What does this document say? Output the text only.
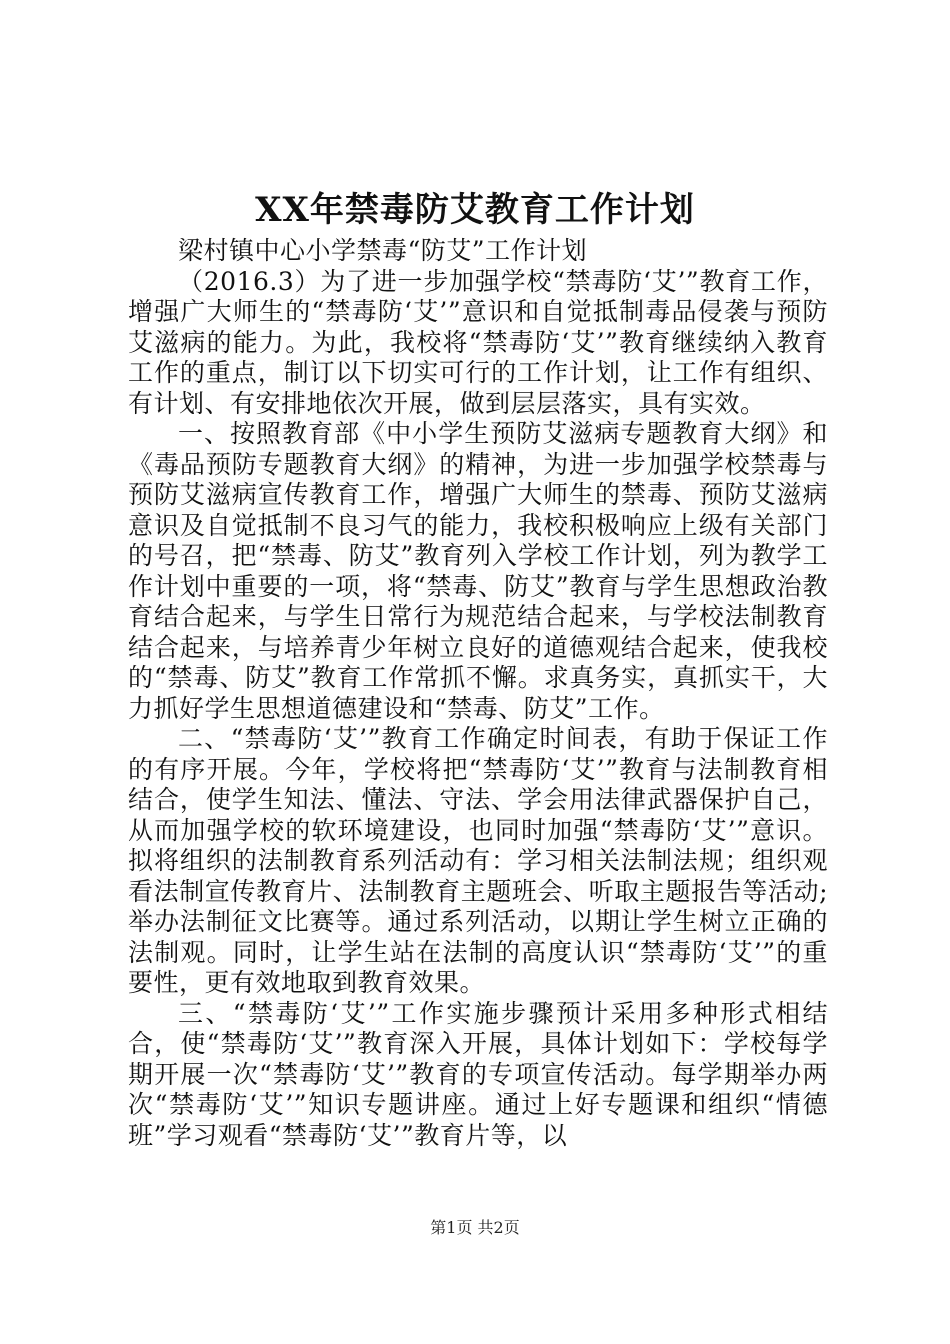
XX年禁毒防艾教育工作计划

梁村镇中心小学禁毒“防艾”工作计划

（2016.3）为了进一步加强学校“禁毒防‘艾’”教育工作，增强广大师生的“禁毒防‘艾’”意识和自觉抵制毒品侵袭与预防艾滋病的能力。为此，我校将“禁毒防‘艾’”教育继续纳入教育工作的重点，制订以下切实可行的工作计划，让工作有组织、有计划、有安排地依次开展，做到层层落实，具有实效。

一、按照教育部《中小学生预防艾滋病专题教育大纲》和《毒品预防专题教育大纲》的精神，为进一步加强学校禁毒与预防艾滋病宣传教育工作，增强广大师生的禁毒、预防艾滋病意识及自觉抵制不良习气的能力，我校积极响应上级有关部门的号召，把“禁毒、防艾”教育列入学校工作计划，列为教学工作计划中重要的一项，将“禁毒、防艾”教育与学生思想政治教育结合起来，与学生日常行为规范结合起来，与学校法制教育结合起来，与培养青少年树立良好的道德观结合起来，使我校的“禁毒、防艾”教育工作常抓不懈。求真务实，真抓实干，大力抓好学生思想道德建设和“禁毒、防艾”工作。

二、“禁毒防‘艾’”教育工作确定时间表，有助于保证工作的有序开展。今年，学校将把“禁毒防‘艾’”教育与法制教育相结合，使学生知法、懂法、守法、学会用法律武器保护自己，从而加强学校的软环境建设，也同时加强“禁毒防‘艾’”意识。拟将组织的法制教育系列活动有：学习相关法制法规；组织观看法制宣传教育片、法制教育主题班会、听取主题报告等活动;举办法制征文比赛等。通过系列活动，以期让学生树立正确的法制观。同时，让学生站在法制的高度认识“禁毒防‘艾’”的重要性，更有效地取到教育效果。

三、“禁毒防‘艾’”工作实施步骤预计采用多种形式相结合，使“禁毒防‘艾’”教育深入开展，具体计划如下：学校每学期开展一次“禁毒防‘艾’”教育的专项宣传活动。每学期举办两次“禁毒防‘艾’”知识专题讲座。通过上好专题课和组织“情德班”学习观看“禁毒防‘艾’”教育片等，以

第1页 共2页
